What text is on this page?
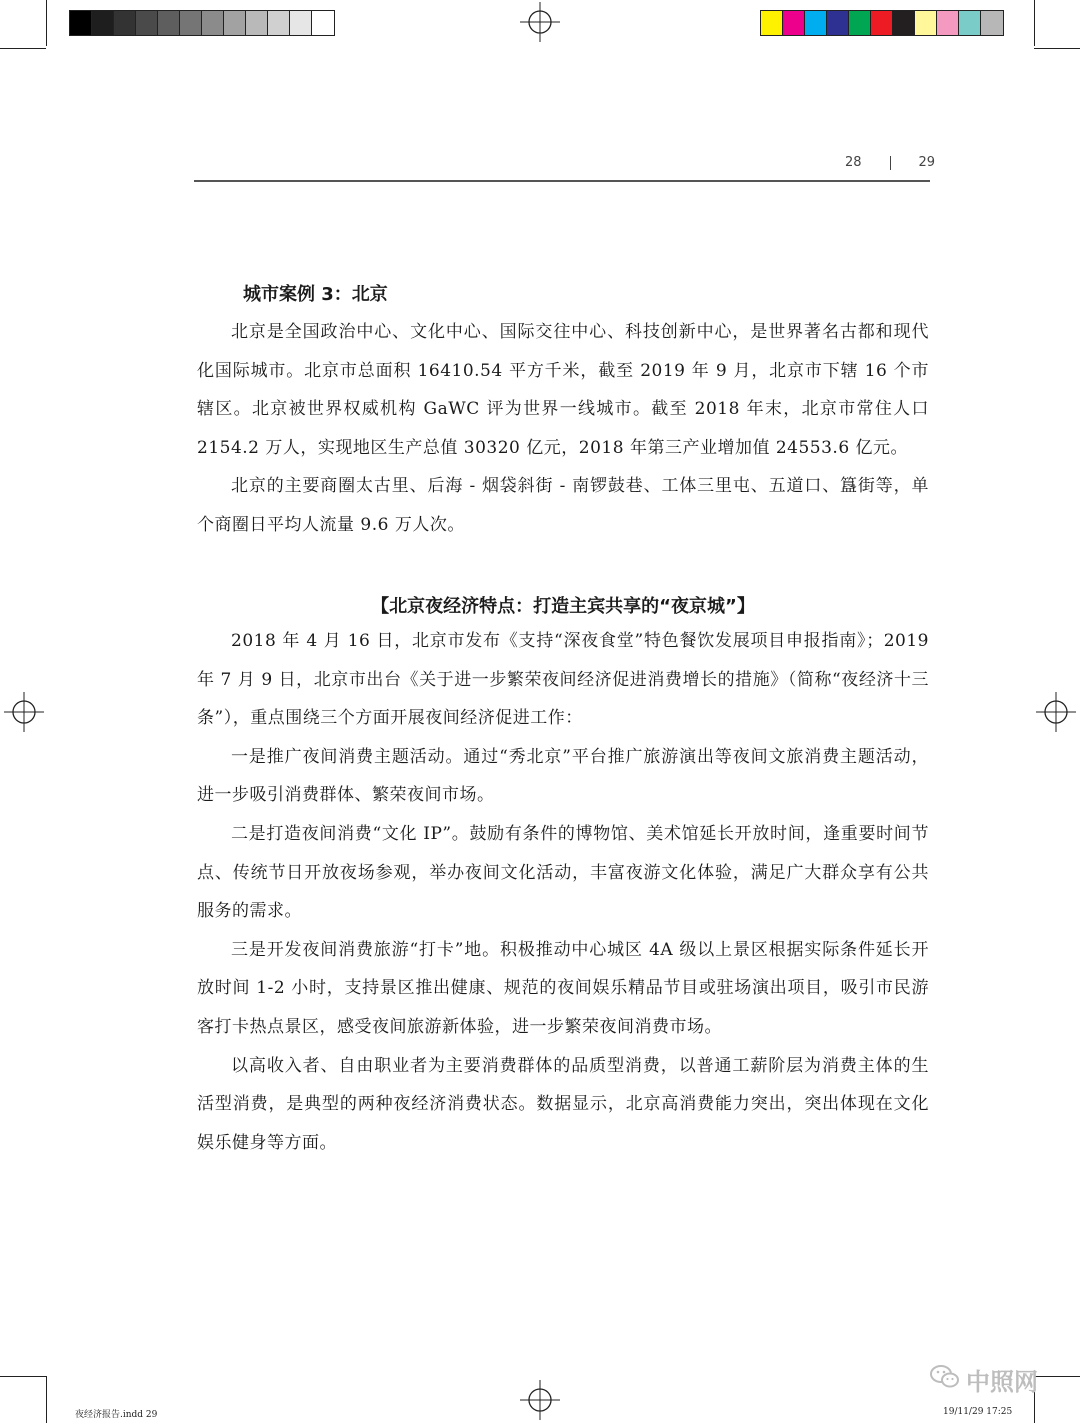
28	29
城市案例 3：北京

北京是全国政治中心、文化中心、国际交往中心、科技创新中心，是世界著名古都和现代化国际城市。北京市总面积 16410.54 平方千米，截至 2019 年 9 月，北京市下辖 16 个市辖区。北京被世界权威机构 GaWC 评为世界一线城市。截至 2018 年末，北京市常住人口 2154.2 万人，实现地区生产总值 30320 亿元，2018 年第三产业增加值 24553.6 亿元。

北京的主要商圈太古里、后海 - 烟袋斜街 - 南锣鼓巷、工体三里屯、五道口、簋街等，单个商圈日平均人流量 9.6 万人次。

【北京夜经济特点：打造主宾共享的“夜京城”】

2018 年 4 月 16 日，北京市发布《支持“深夜食堂”特色餐饮发展项目申报指南》；2019 年 7 月 9 日，北京市出台《关于进一步繁荣夜间经济促进消费增长的措施》（简称“夜经济十三条”），重点围绕三个方面开展夜间经济促进工作：

一是推广夜间消费主题活动。通过“秀北京”平台推广旅游演出等夜间文旅消费主题活动，进一步吸引消费群体、繁荣夜间市场。

二是打造夜间消费“文化 IP”。鼓励有条件的博物馆、美术馆延长开放时间，逢重要时间节点、传统节日开放夜场参观，举办夜间文化活动，丰富夜游文化体验，满足广大群众享有公共服务的需求。

三是开发夜间消费旅游“打卡”地。积极推动中心城区 4A 级以上景区根据实际条件延长开放时间 1-2 小时，支持景区推出健康、规范的夜间娱乐精品节目或驻场演出项目，吸引市民游客打卡热点景区，感受夜间旅游新体验，进一步繁荣夜间消费市场。

以高收入者、自由职业者为主要消费群体的品质型消费，以普通工薪阶层为消费主体的生活型消费，是典型的两种夜经济消费状态。数据显示，北京高消费能力突出，突出体现在文化娱乐健身等方面。

中照网
夜经济报告.indd 29	19/11/29 17:25
